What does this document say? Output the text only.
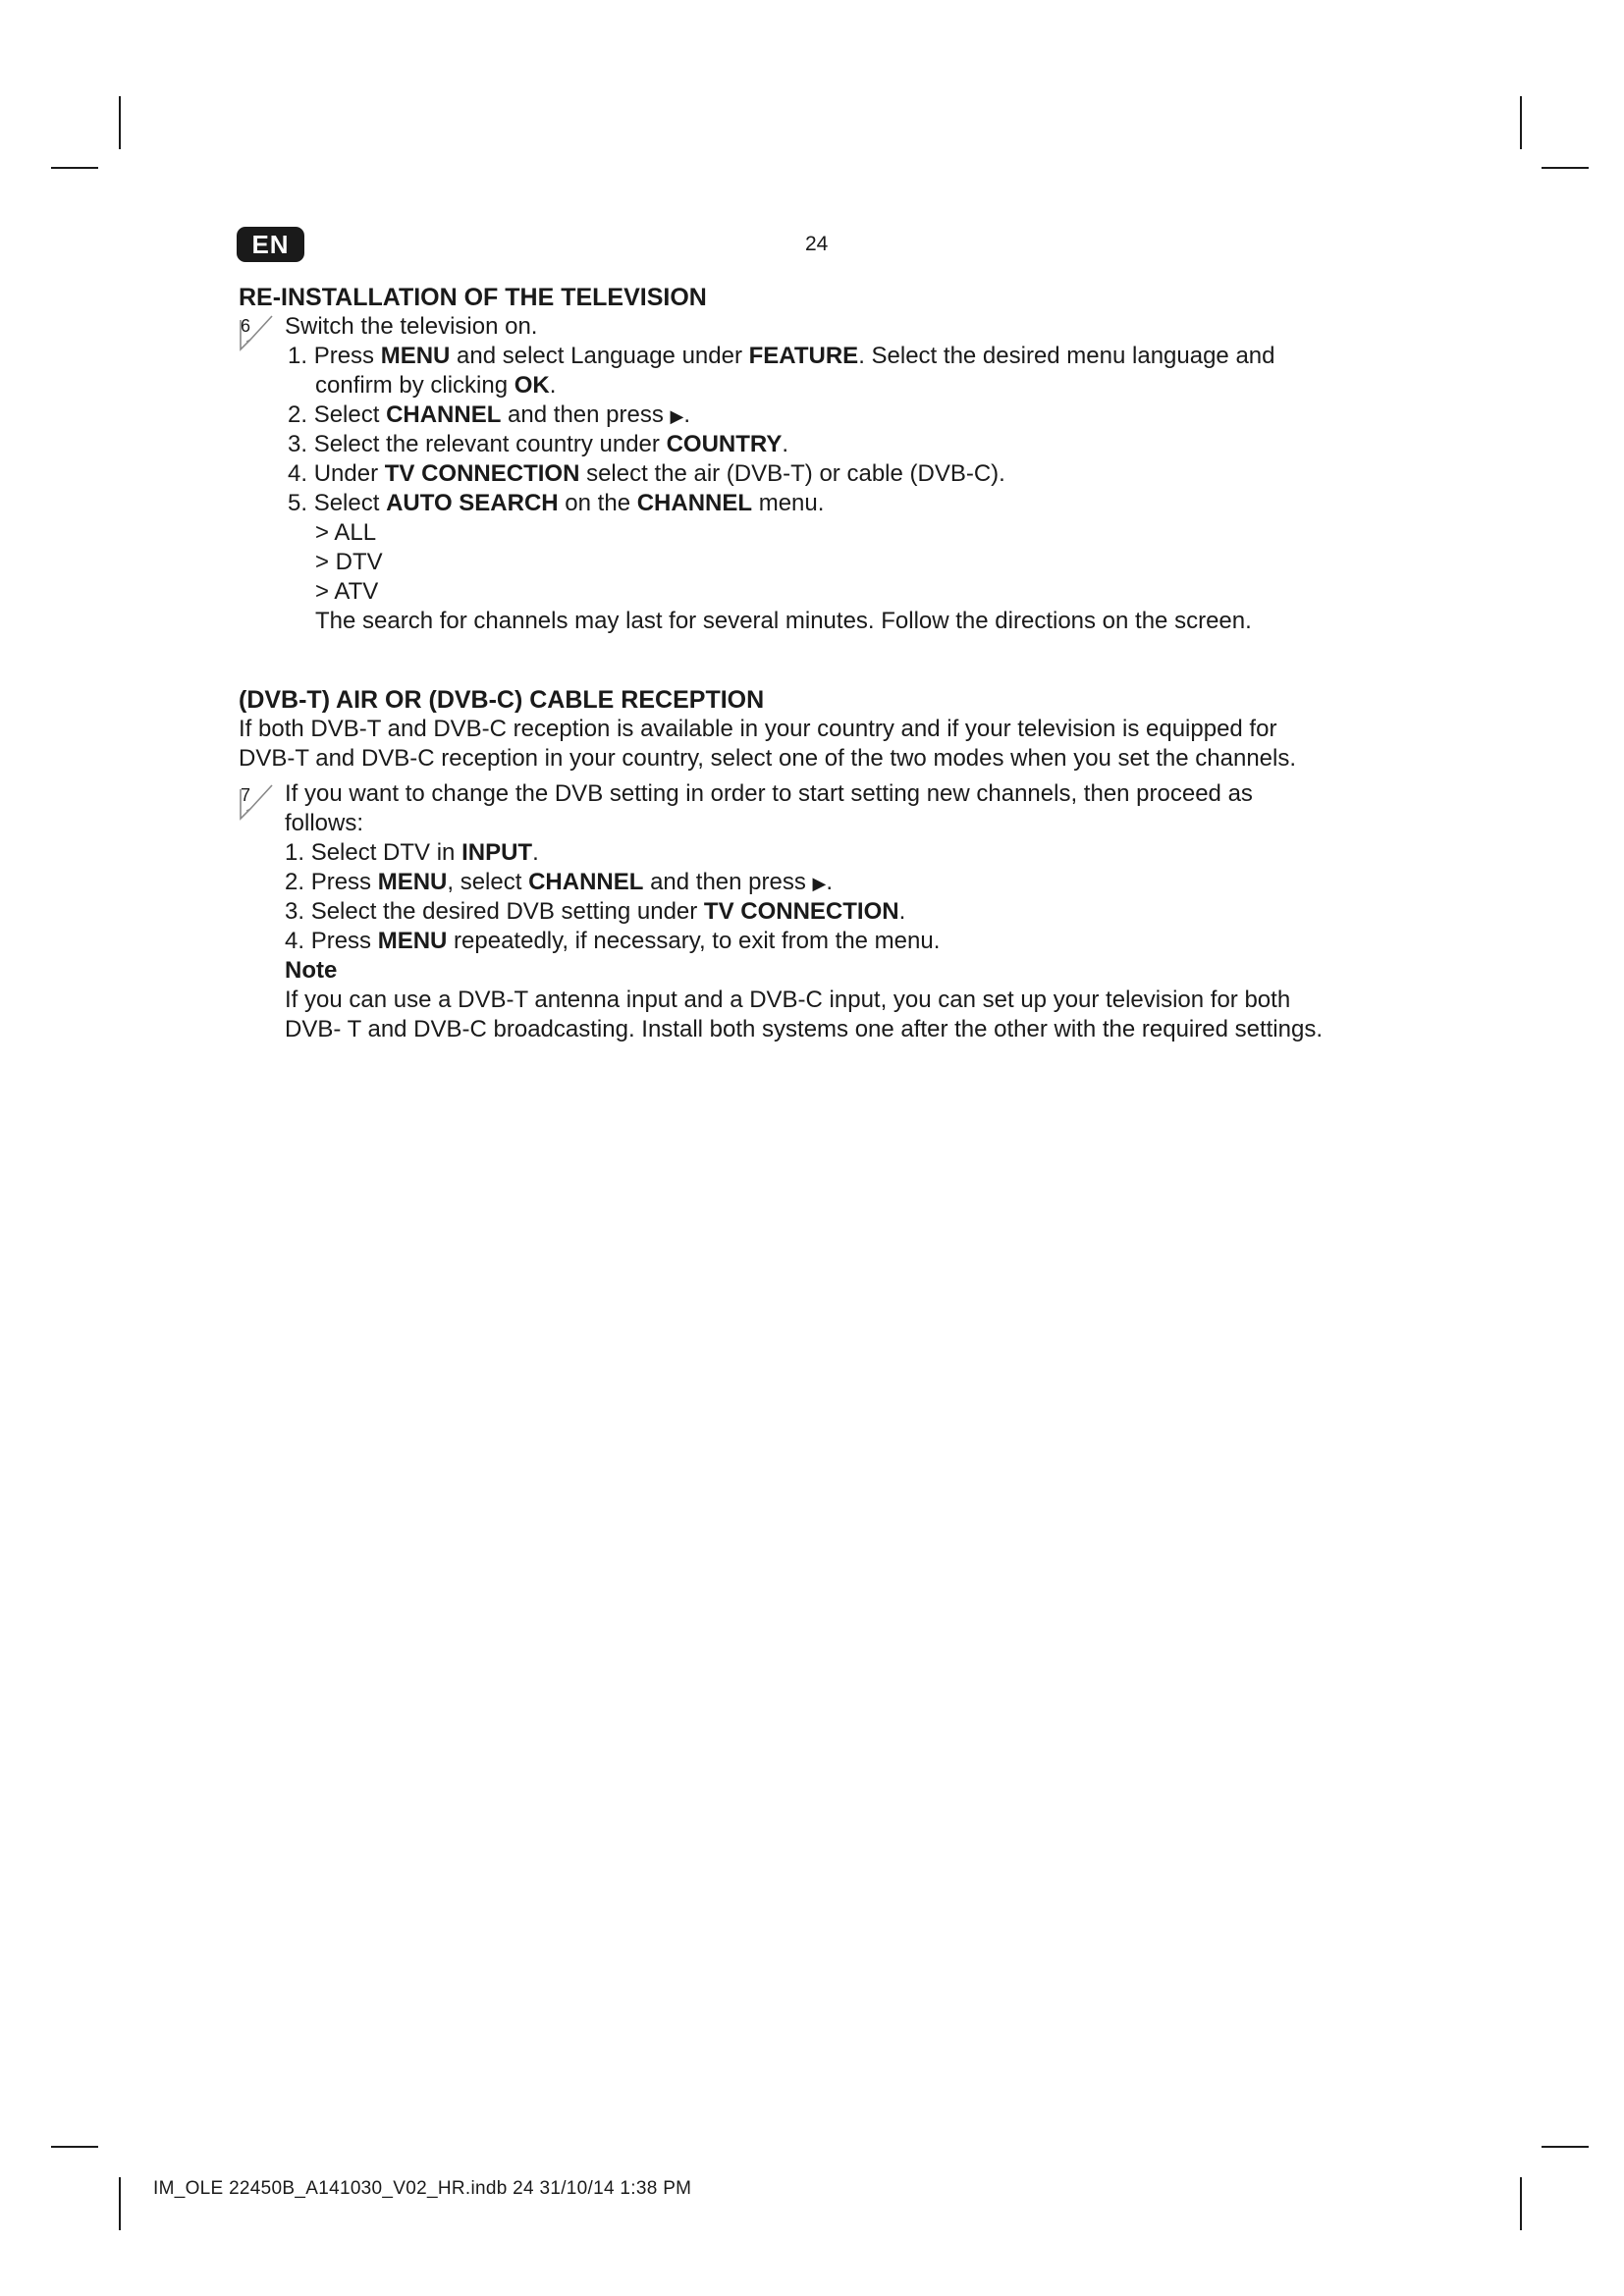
EN	24
RE-INSTALLATION OF THE TELEVISION
6 Switch the television on.
1. Press MENU and select Language under FEATURE. Select the desired menu language and
confirm by clicking OK.
2. Select CHANNEL and then press ▶.
3. Select the relevant country under COUNTRY.
4. Under TV CONNECTION select the air (DVB-T) or cable (DVB-C).
5. Select AUTO SEARCH on the CHANNEL menu.
> ALL
> DTV
> ATV
The search for channels may last for several minutes. Follow the directions on the screen.
(DVB-T) AIR OR (DVB-C) CABLE RECEPTION
If both DVB-T and DVB-C reception is available in your country and if your television is equipped for
DVB-T and DVB-C reception in your country, select one of the two modes when you set the channels.
7 If you want to change the DVB setting in order to start setting new channels, then proceed as
follows:
1. Select DTV in INPUT.
2. Press MENU, select CHANNEL and then press ▶.
3. Select the desired DVB setting under TV CONNECTION.
4. Press MENU repeatedly, if necessary, to exit from the menu.
Note
If you can use a DVB-T antenna input and a DVB-C input, you can set up your television for both
DVB- T and DVB-C broadcasting. Install both systems one after the other with the required settings.
IM_OLE 22450B_A141030_V02_HR.indb 24 31/10/14 1:38 PM
